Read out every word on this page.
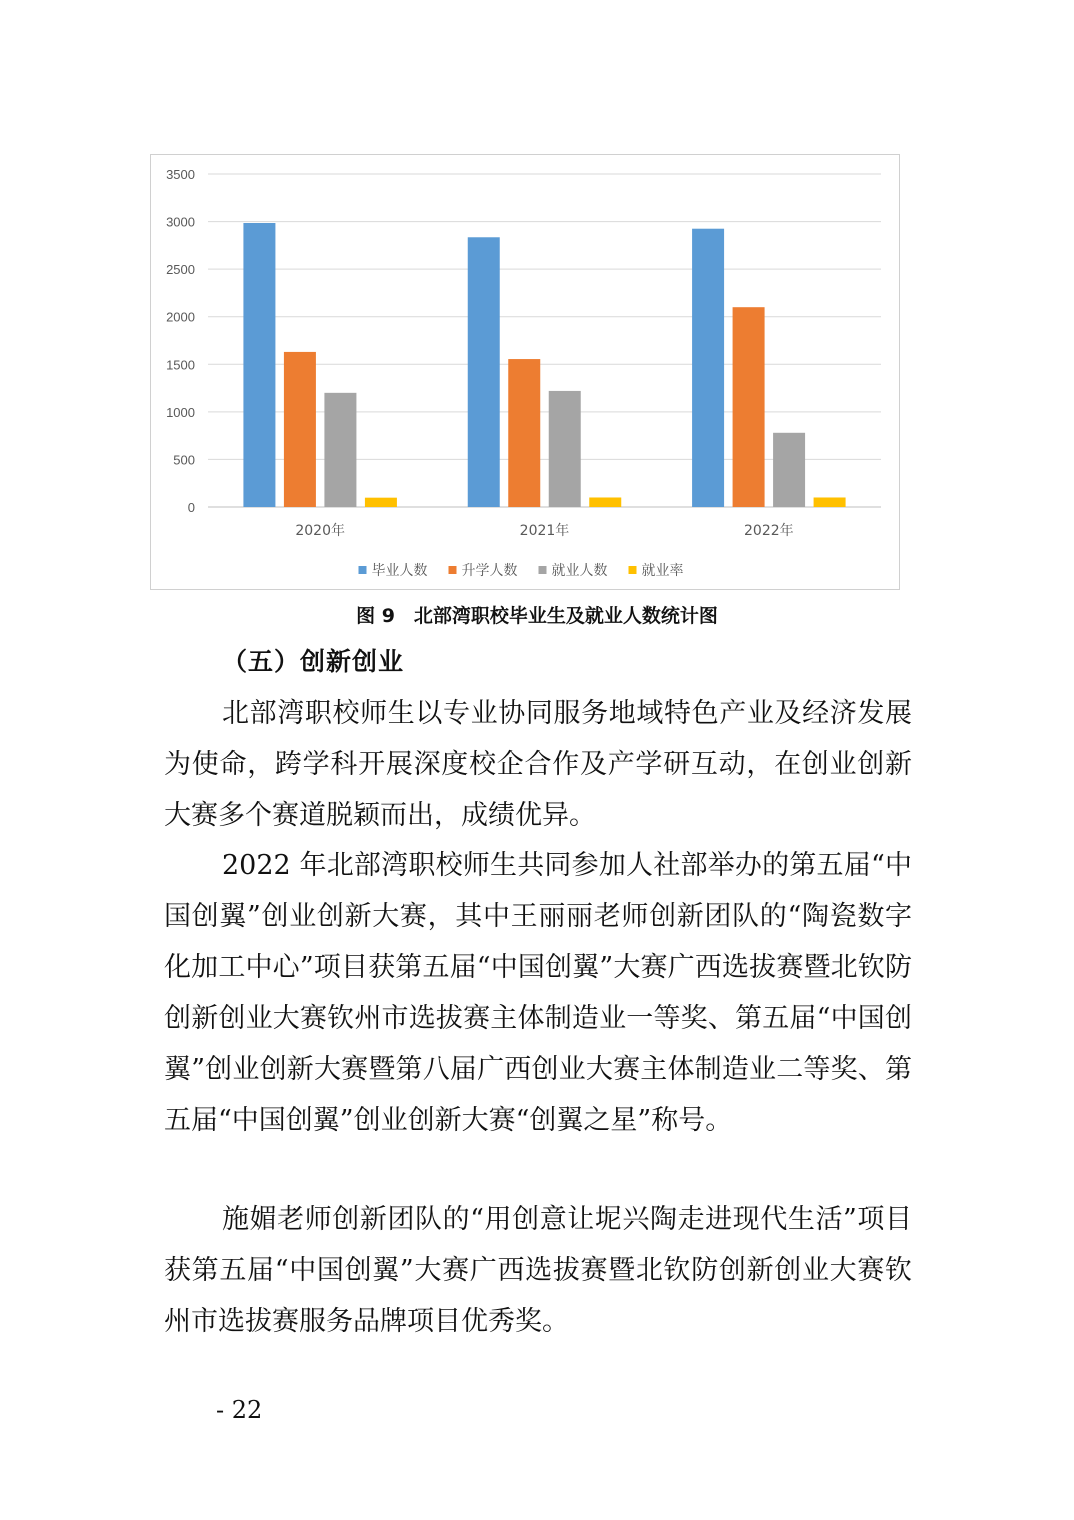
0
500
1000
1500
2000
2500
3000
3500
2020年	2021年	2022年
毕业人数 升学人数 就业人数 就业率
图 9　北部湾职校毕业生及就业人数统计图
（五）创新创业

北部湾职校师生以专业协同服务地域特色产业及经济发展为使命，跨学科开展深度校企合作及产学研互动，在创业创新大赛多个赛道脱颖而出，成绩优异。

2022 年北部湾职校师生共同参加人社部举办的第五届“中国创翼”创业创新大赛，其中王丽丽老师创新团队的“陶瓷数字化加工中心”项目获第五届“中国创翼”大赛广西选拔赛暨北钦防创新创业大赛钦州市选拔赛主体制造业一等奖、第五届“中国创翼”创业创新大赛暨第八届广西创业大赛主体制造业二等奖、第五届“中国创翼”创业创新大赛“创翼之星”称号。

施媚老师创新团队的“用创意让坭兴陶走进现代生活”项目获第五届“中国创翼”大赛广西选拔赛暨北钦防创新创业大赛钦州市选拔赛服务品牌项目优秀奖。

- 22
